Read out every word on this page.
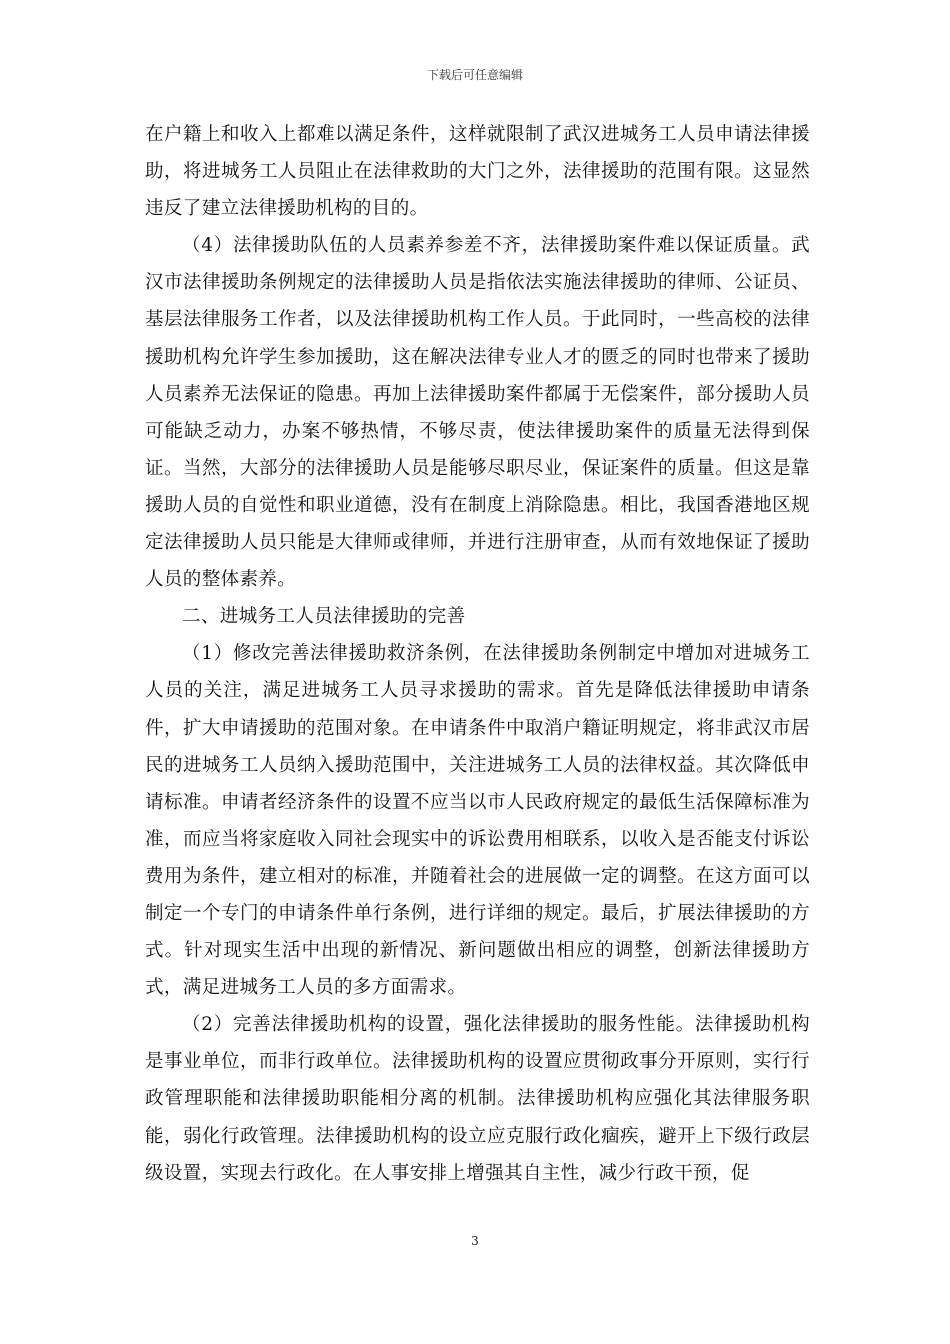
下载后可任意编辑

在户籍上和收入上都难以满足条件，这样就限制了武汉进城务工人员申请法律援助，将进城务工人员阻止在法律救助的大门之外，法律援助的范围有限。这显然违反了建立法律援助机构的目的。

（4）法律援助队伍的人员素养参差不齐，法律援助案件难以保证质量。武汉市法律援助条例规定的法律援助人员是指依法实施法律援助的律师、公证员、基层法律服务工作者，以及法律援助机构工作人员。于此同时，一些高校的法律援助机构允许学生参加援助，这在解决法律专业人才的匮乏的同时也带来了援助人员素养无法保证的隐患。再加上法律援助案件都属于无偿案件，部分援助人员可能缺乏动力，办案不够热情，不够尽责，使法律援助案件的质量无法得到保证。当然，大部分的法律援助人员是能够尽职尽业，保证案件的质量。但这是靠援助人员的自觉性和职业道德，没有在制度上消除隐患。相比，我国香港地区规定法律援助人员只能是大律师或律师，并进行注册审查，从而有效地保证了援助人员的整体素养。

二、进城务工人员法律援助的完善

（1）修改完善法律援助救济条例，在法律援助条例制定中增加对进城务工人员的关注，满足进城务工人员寻求援助的需求。首先是降低法律援助申请条件，扩大申请援助的范围对象。在申请条件中取消户籍证明规定，将非武汉市居民的进城务工人员纳入援助范围中，关注进城务工人员的法律权益。其次降低申请标准。申请者经济条件的设置不应当以市人民政府规定的最低生活保障标准为准，而应当将家庭收入同社会现实中的诉讼费用相联系，以收入是否能支付诉讼费用为条件，建立相对的标准，并随着社会的进展做一定的调整。在这方面可以制定一个专门的申请条件单行条例，进行详细的规定。最后，扩展法律援助的方式。针对现实生活中出现的新情况、新问题做出相应的调整，创新法律援助方式，满足进城务工人员的多方面需求。

（2）完善法律援助机构的设置，强化法律援助的服务性能。法律援助机构是事业单位，而非行政单位。法律援助机构的设置应贯彻政事分开原则，实行行政管理职能和法律援助职能相分离的机制。法律援助机构应强化其法律服务职能，弱化行政管理。法律援助机构的设立应克服行政化痼疾，避开上下级行政层级设置，实现去行政化。在人事安排上增强其自主性，减少行政干预，促

3
